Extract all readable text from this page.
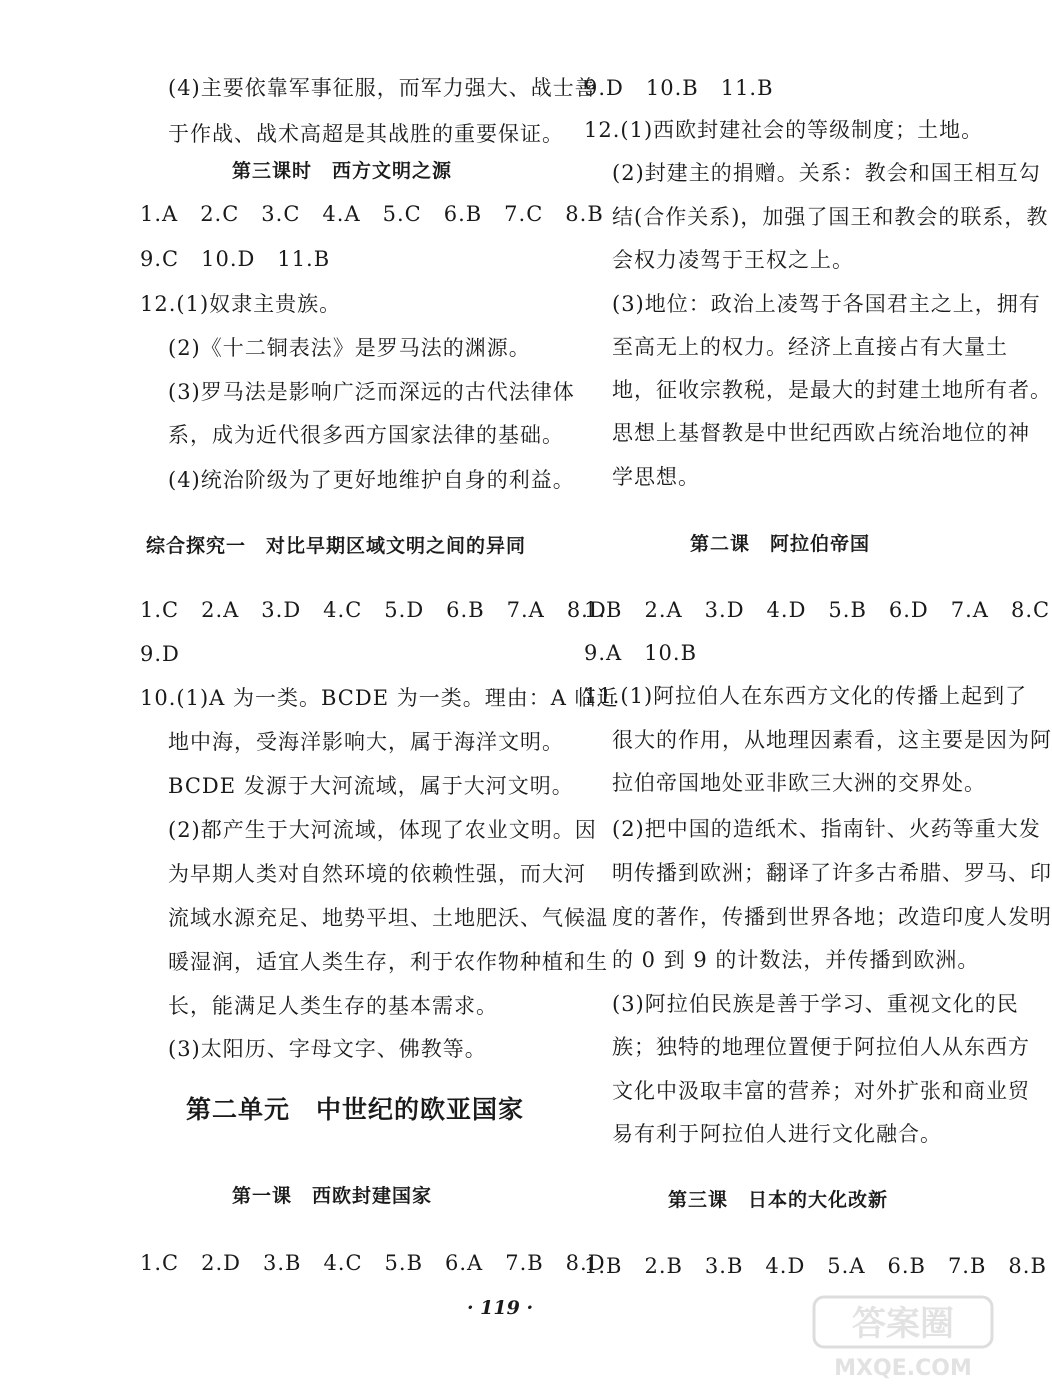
(4)主要依靠军事征服，而军力强大、战士善
于作战、战术高超是其战胜的重要保证。
第三课时　西方文明之源
1.A　2.C　3.C　4.A　5.C　6.B　7.C　8.B
9.C　10.D　11.B
12.(1)奴隶主贵族。
(2)《十二铜表法》是罗马法的渊源。
(3)罗马法是影响广泛而深远的古代法律体
系，成为近代很多西方国家法律的基础。
(4)统治阶级为了更好地维护自身的利益。
综合探究一　对比早期区域文明之间的异同
1.C　2.A　3.D　4.C　5.D　6.B　7.A　8.D
9.D
10.(1)A 为一类。BCDE 为一类。理由：A 临近
地中海，受海洋影响大，属于海洋文明。
BCDE 发源于大河流域，属于大河文明。
(2)都产生于大河流域，体现了农业文明。因
为早期人类对自然环境的依赖性强，而大河
流域水源充足、地势平坦、土地肥沃、气候温
暖湿润，适宜人类生存，利于农作物种植和生
长，能满足人类生存的基本需求。
(3)太阳历、字母文字、佛教等。
第二单元　中世纪的欧亚国家
第一课　西欧封建国家
1.C　2.D　3.B　4.C　5.B　6.A　7.B　8.D
9.D　10.B　11.B
12.(1)西欧封建社会的等级制度；土地。
(2)封建主的捐赠。关系：教会和国王相互勾
结(合作关系)，加强了国王和教会的联系，教
会权力凌驾于王权之上。
(3)地位：政治上凌驾于各国君主之上，拥有
至高无上的权力。经济上直接占有大量土
地，征收宗教税，是最大的封建土地所有者。
思想上基督教是中世纪西欧占统治地位的神
学思想。
第二课　阿拉伯帝国
1.B　2.A　3.D　4.D　5.B　6.D　7.A　8.C
9.A　10.B
11.(1)阿拉伯人在东西方文化的传播上起到了
很大的作用，从地理因素看，这主要是因为阿
拉伯帝国地处亚非欧三大洲的交界处。
(2)把中国的造纸术、指南针、火药等重大发
明传播到欧洲；翻译了许多古希腊、罗马、印
度的著作，传播到世界各地；改造印度人发明
的 0 到 9 的计数法，并传播到欧洲。
(3)阿拉伯民族是善于学习、重视文化的民
族；独特的地理位置便于阿拉伯人从东西方
文化中汲取丰富的营养；对外扩张和商业贸
易有利于阿拉伯人进行文化融合。
第三课　日本的大化改新
1.B　2.B　3.B　4.D　5.A　6.B　7.B　8.B
· 119 ·	答案圈
MXQE.COM
